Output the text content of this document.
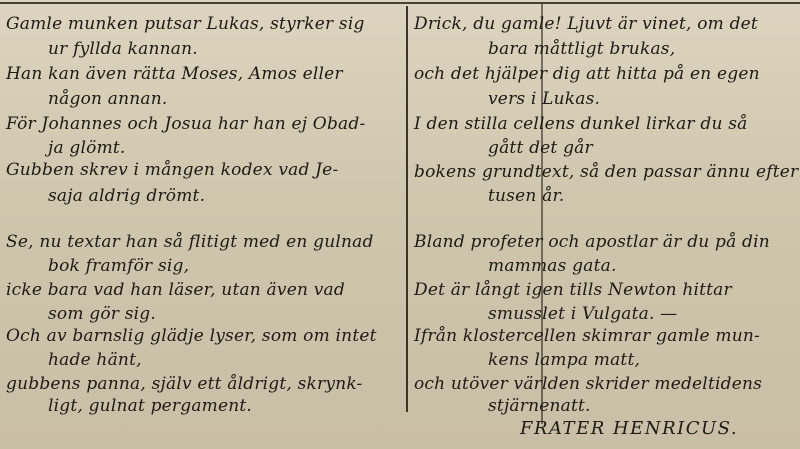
Gamle munken putsar Lukas, styrker sig
ur fyllda kannan.
Han kan även rätta Moses, Amos eller
någon annan.
För Johannes och Josua har han ej Obad-
ja glömt.
Gubben skrev i mången kodex vad Je-
saja aldrig drömt.
Se, nu textar han så flitigt med en gulnad
bok framför sig,
icke bara vad han läser, utan även vad
som gör sig.
Och av barnslig glädje lyser, som om intet
hade hänt,
gubbens panna, själv ett åldrigt, skrynk-
ligt, gulnat pergament.
Drick, du gamle! Ljuvt är vinet, om det
bara måttligt brukas,
och det hjälper dig att hitta på en egen
vers i Lukas.
I den stilla cellens dunkel lirkar du så
gått det går
bokens grundtext, så den passar ännu efter
tusen år.
Bland profeter och apostlar är du på din
mammas gata.
Det är långt igen tills Newton hittar
smusslet i Vulgata. —
Ifrån klostercellen skimrar gamle mun-
kens lampa matt,
och utöver världen skrider medeltidens
stjärnenatt.
FRATER HENRICUS.
